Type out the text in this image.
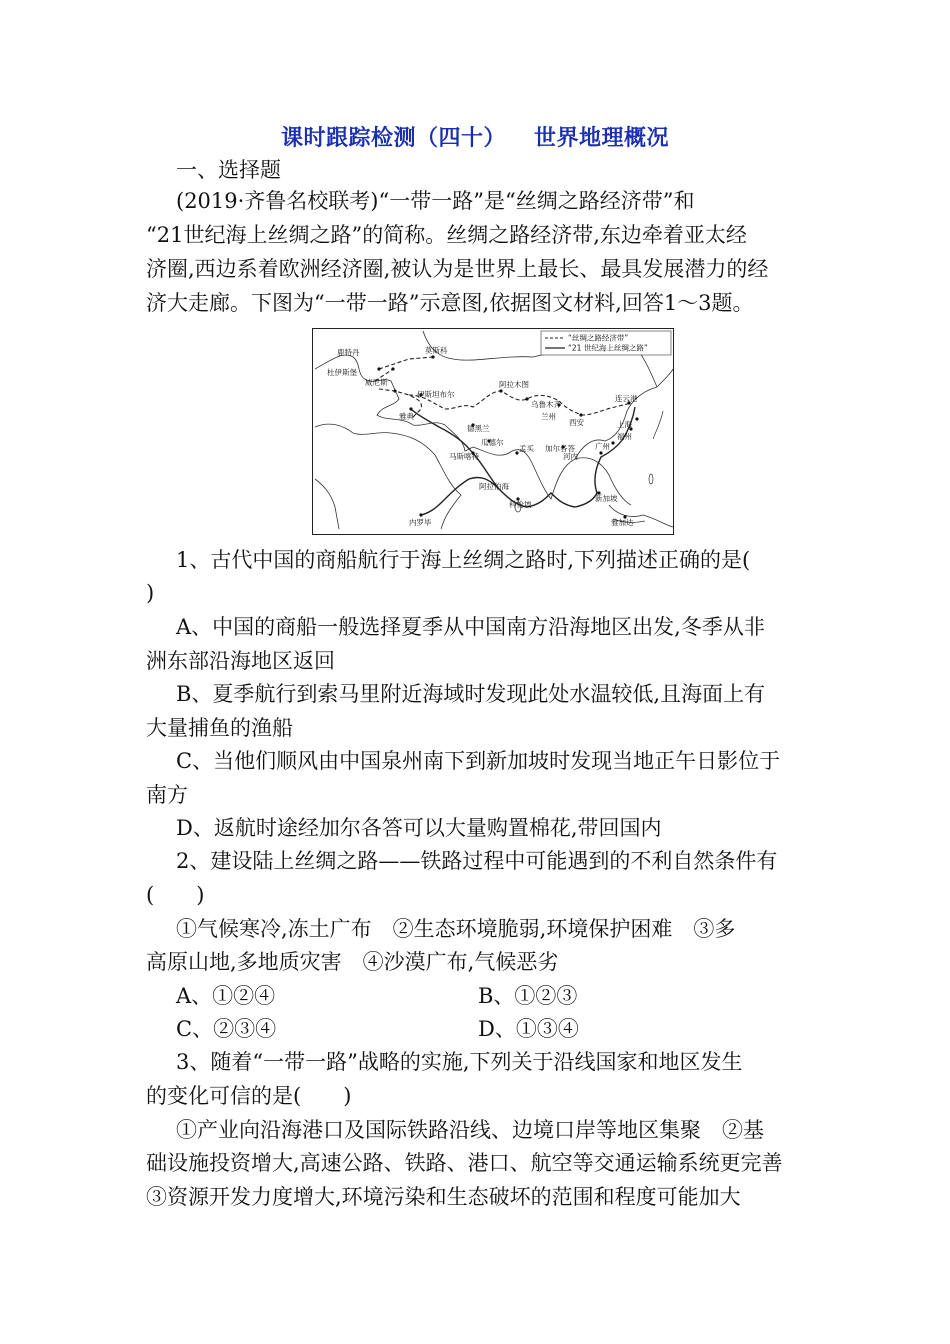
课时跟踪检测（四十） 世界地理概况
一、选择题
(2019·齐鲁名校联考)“一带一路”是“丝绸之路经济带”和
“21世纪海上丝绸之路”的简称。丝绸之路经济带,东边牵着亚太经
济圈,西边系着欧洲经济圈,被认为是世界上最长、最具发展潜力的经
济大走廊。下图为“一带一路”示意图,依据图文材料,回答1～3题。
“丝绸之路经济带”
“21 世纪海上丝绸之路”
莫斯科
鹿特丹
杜伊斯堡
威尼斯
伊斯坦布尔
雅典
阿拉木图
乌鲁木齐
兰州
西安
连云港
上海
福州
广州
河内
德黑兰
瓜德尔
马斯喀特
孟买 加尔各答
阿拉伯海
科伦坡
新加坡
雅加达
内罗毕
1、古代中国的商船航行于海上丝绸之路时,下列描述正确的是(
)
A、中国的商船一般选择夏季从中国南方沿海地区出发,冬季从非
洲东部沿海地区返回
B、夏季航行到索马里附近海域时发现此处水温较低,且海面上有
大量捕鱼的渔船
C、当他们顺风由中国泉州南下到新加坡时发现当地正午日影位于
南方
D、返航时途经加尔各答可以大量购置棉花,带回国内
2、建设陆上丝绸之路——铁路过程中可能遇到的不利自然条件有
(　　)
①气候寒冷,冻土广布　②生态环境脆弱,环境保护困难　③多
高原山地,多地质灾害　④沙漠广布,气候恶劣
A、①②④	B、①②③
C、②③④	D、①③④
3、随着“一带一路”战略的实施,下列关于沿线国家和地区发生
的变化可信的是(　　)
①产业向沿海港口及国际铁路沿线、边境口岸等地区集聚　②基
础设施投资增大,高速公路、铁路、港口、航空等交通运输系统更完善
③资源开发力度增大,环境污染和生态破坏的范围和程度可能加大
